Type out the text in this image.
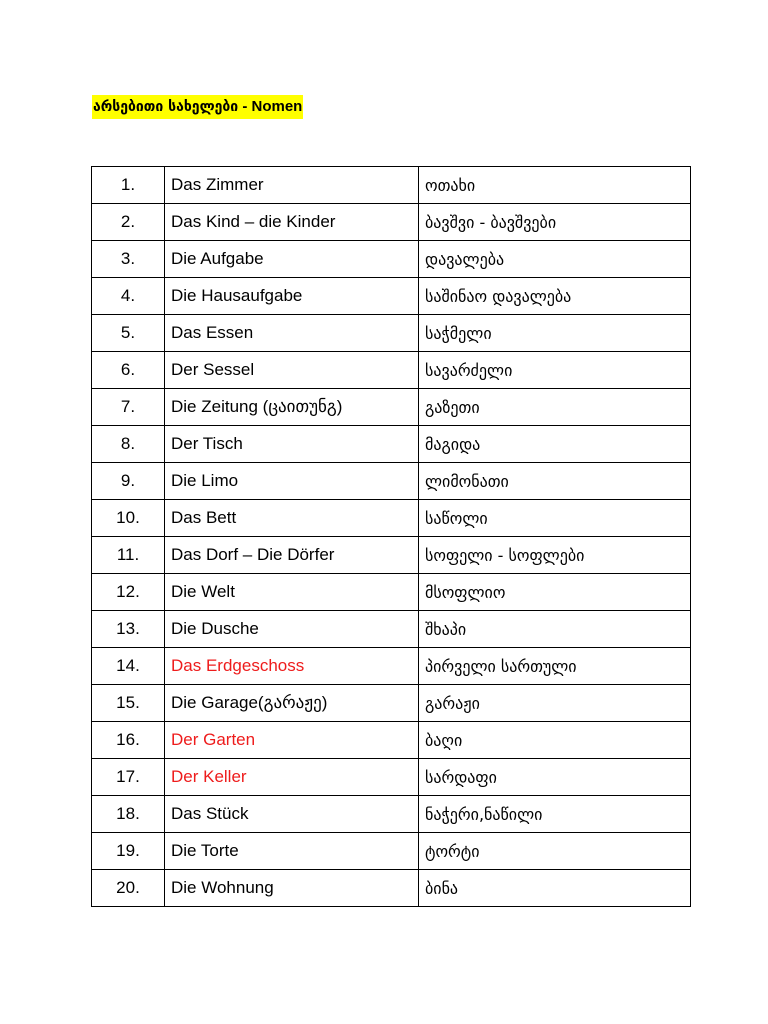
არსებითი სახელები - Nomen
1.	Das Zimmer	ოთახი
2.	Das Kind – die Kinder	ბავშვი - ბავშვები
3.	Die Aufgabe	დავალება
4.	Die Hausaufgabe	საშინაო დავალება
5.	Das Essen	საჭმელი
6.	Der Sessel	სავარძელი
7.	Die Zeitung (ცაითუნგ)	გაზეთი
8.	Der Tisch	მაგიდა
9.	Die Limo	ლიმონათი
10.	Das Bett	საწოლი
11.	Das Dorf – Die Dörfer	სოფელი - სოფლები
12.	Die Welt	მსოფლიო
13.	Die Dusche	შხაპი
14.	Das Erdgeschoss	პირველი სართული
15.	Die Garage(გარაჟე)	გარაჟი
16.	Der Garten	ბაღი
17.	Der Keller	სარდაფი
18.	Das Stück	ნაჭერი,ნაწილი
19.	Die Torte	ტორტი
20.	Die Wohnung	ბინა
